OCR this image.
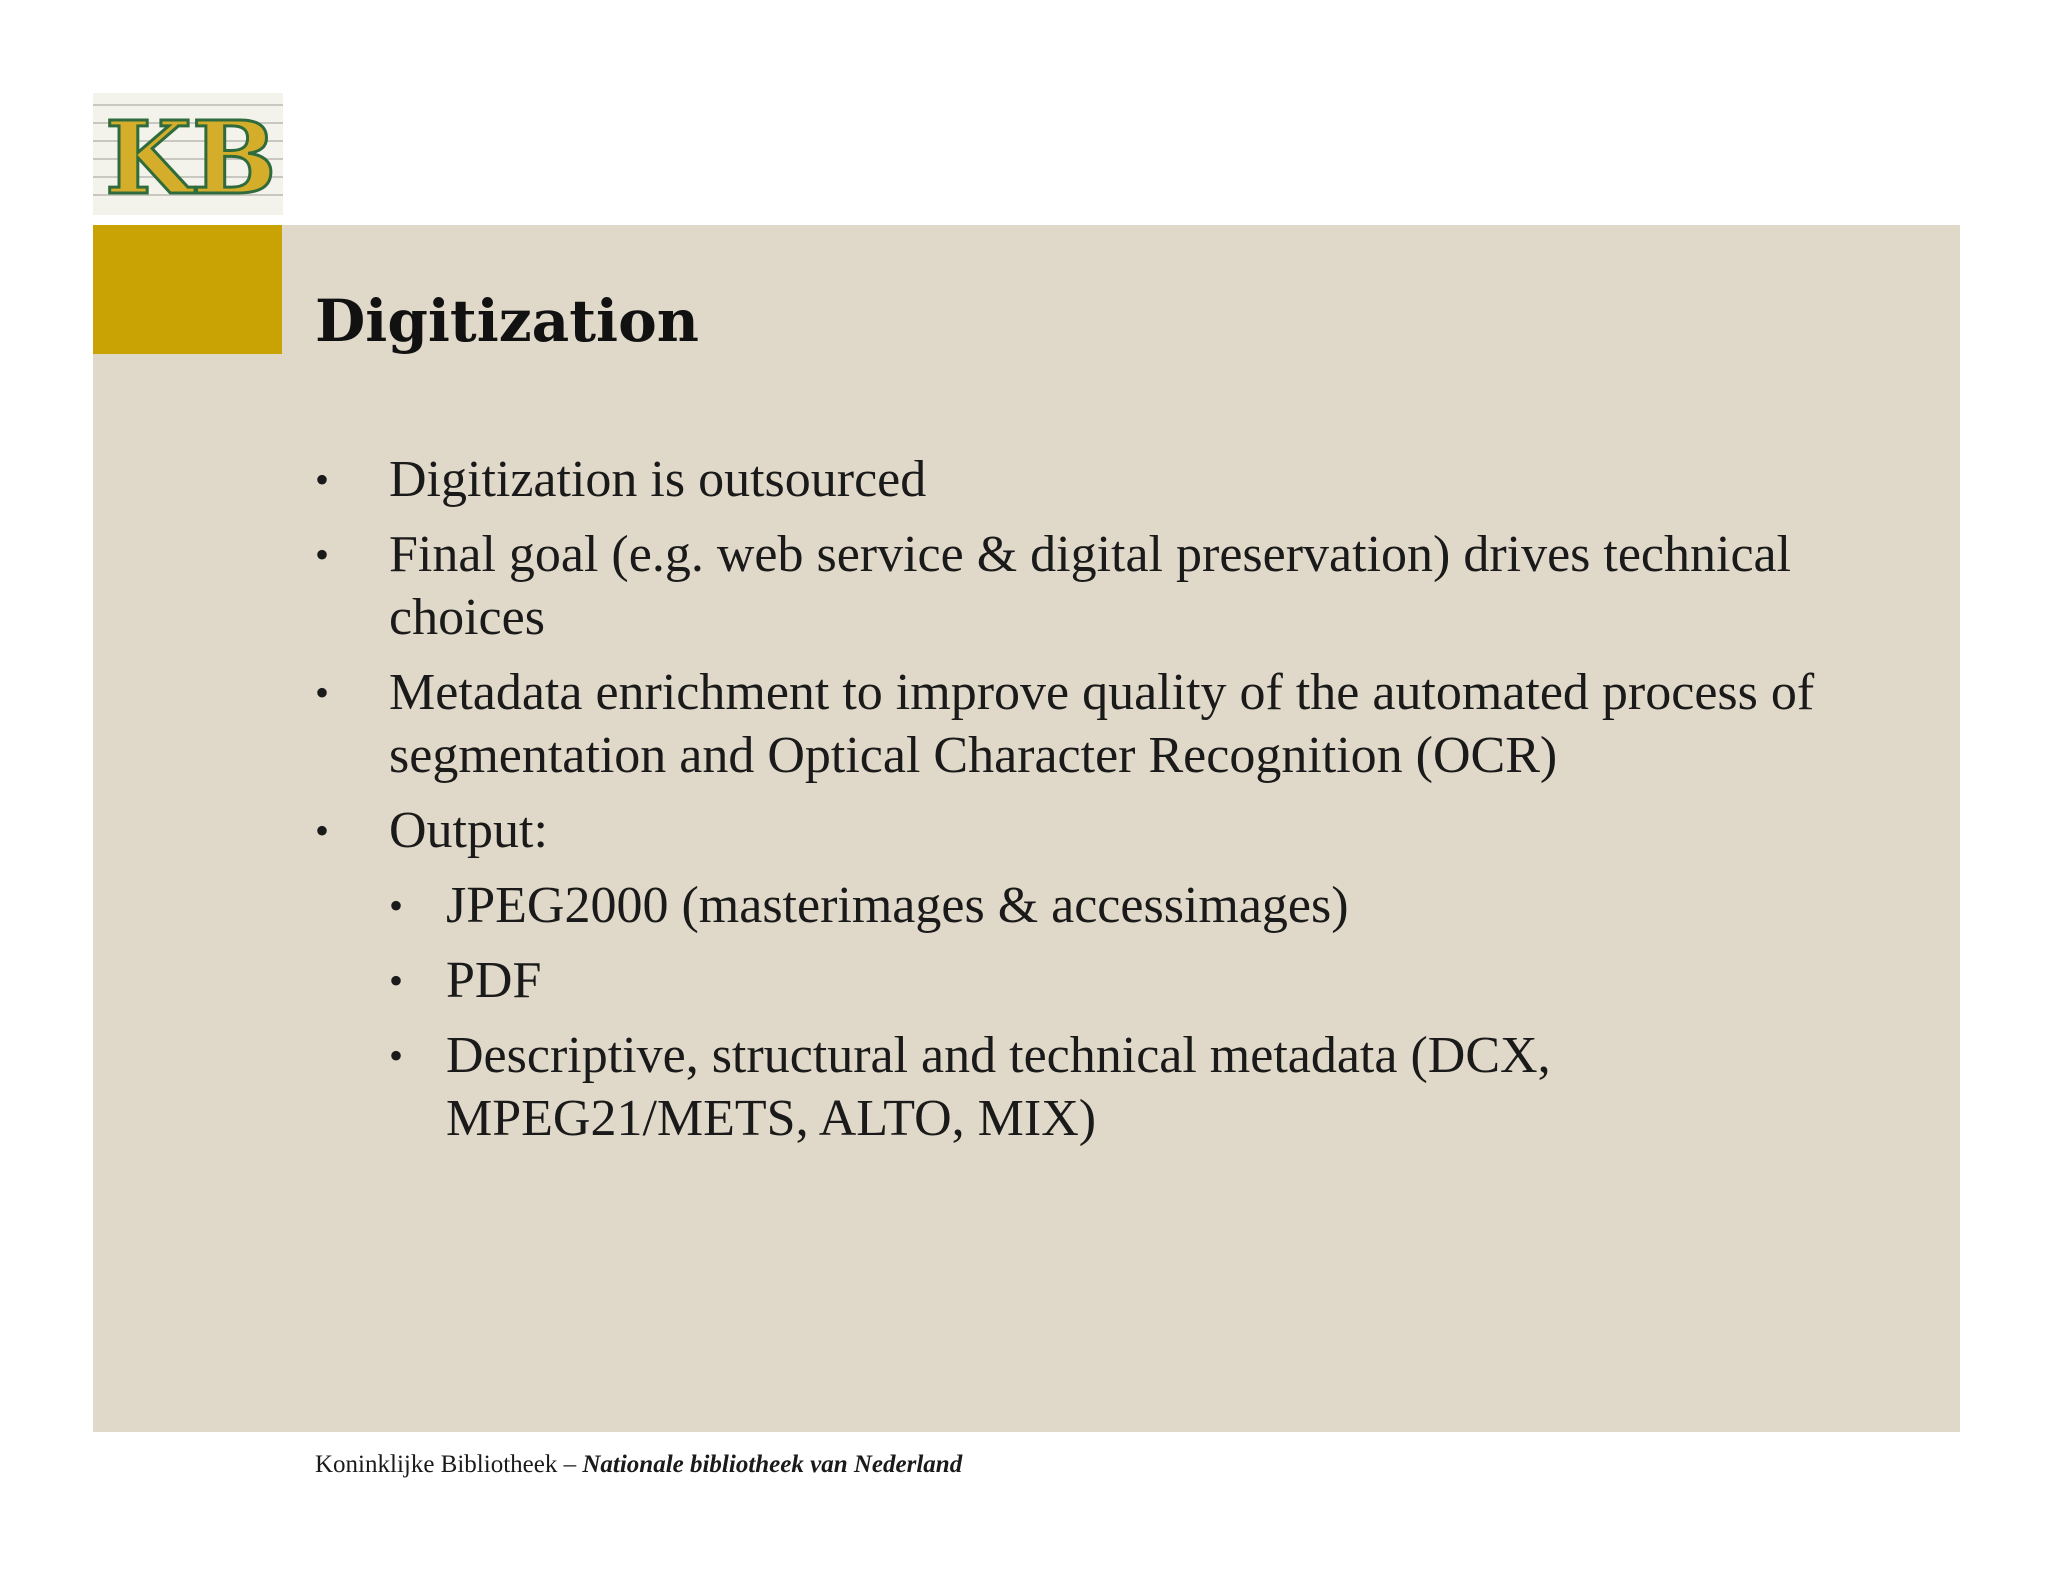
KB
Digitization
• Digitization is outsourced
• Final goal (e.g. web service & digital preservation) drives technical choices
• Metadata enrichment to improve quality of the automated process of segmentation and Optical Character Recognition (OCR)
• Output:
• JPEG2000 (masterimages & accessimages)
• PDF
• Descriptive, structural and technical metadata (DCX, MPEG21/METS, ALTO, MIX)
Koninklijke Bibliotheek – Nationale bibliotheek van Nederland
